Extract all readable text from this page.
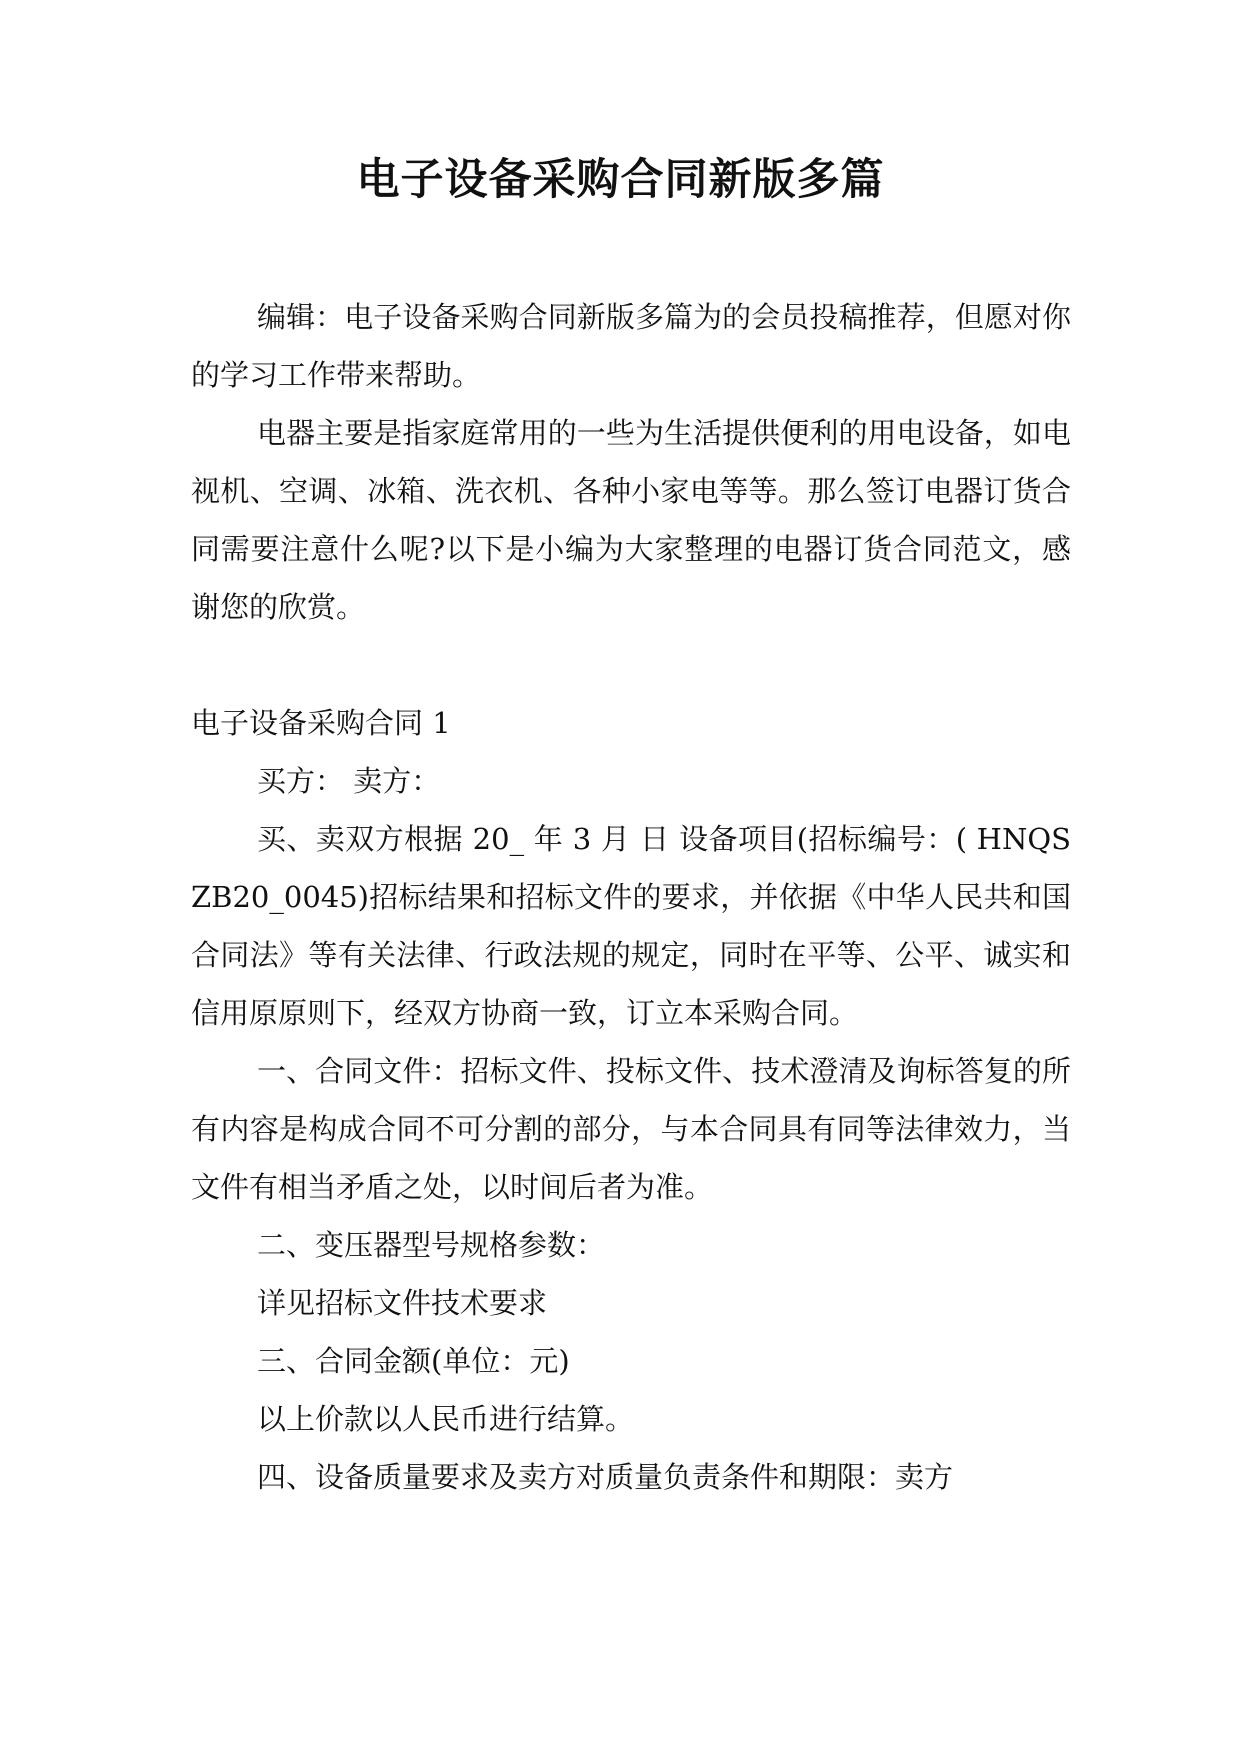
电子设备采购合同新版多篇

编辑：电子设备采购合同新版多篇为的会员投稿推荐，但愿对你的学习工作带来帮助。

电器主要是指家庭常用的一些为生活提供便利的用电设备，如电视机、空调、冰箱、洗衣机、各种小家电等等。那么签订电器订货合同需要注意什么呢?以下是小编为大家整理的电器订货合同范文，感谢您的欣赏。

电子设备采购合同 1

买方： 卖方：

买、卖双方根据 20_ 年 3 月 日 设备项目(招标编号：( HNQSZB20_0045)招标结果和招标文件的要求，并依据《中华人民共和国合同法》等有关法律、行政法规的规定，同时在平等、公平、诚实和信用原原则下，经双方协商一致，订立本采购合同。

一、合同文件：招标文件、投标文件、技术澄清及询标答复的所有内容是构成合同不可分割的部分，与本合同具有同等法律效力，当文件有相当矛盾之处，以时间后者为准。

二、变压器型号规格参数：

详见招标文件技术要求

三、合同金额(单位：元)

以上价款以人民币进行结算。

四、设备质量要求及卖方对质量负责条件和期限：卖方
